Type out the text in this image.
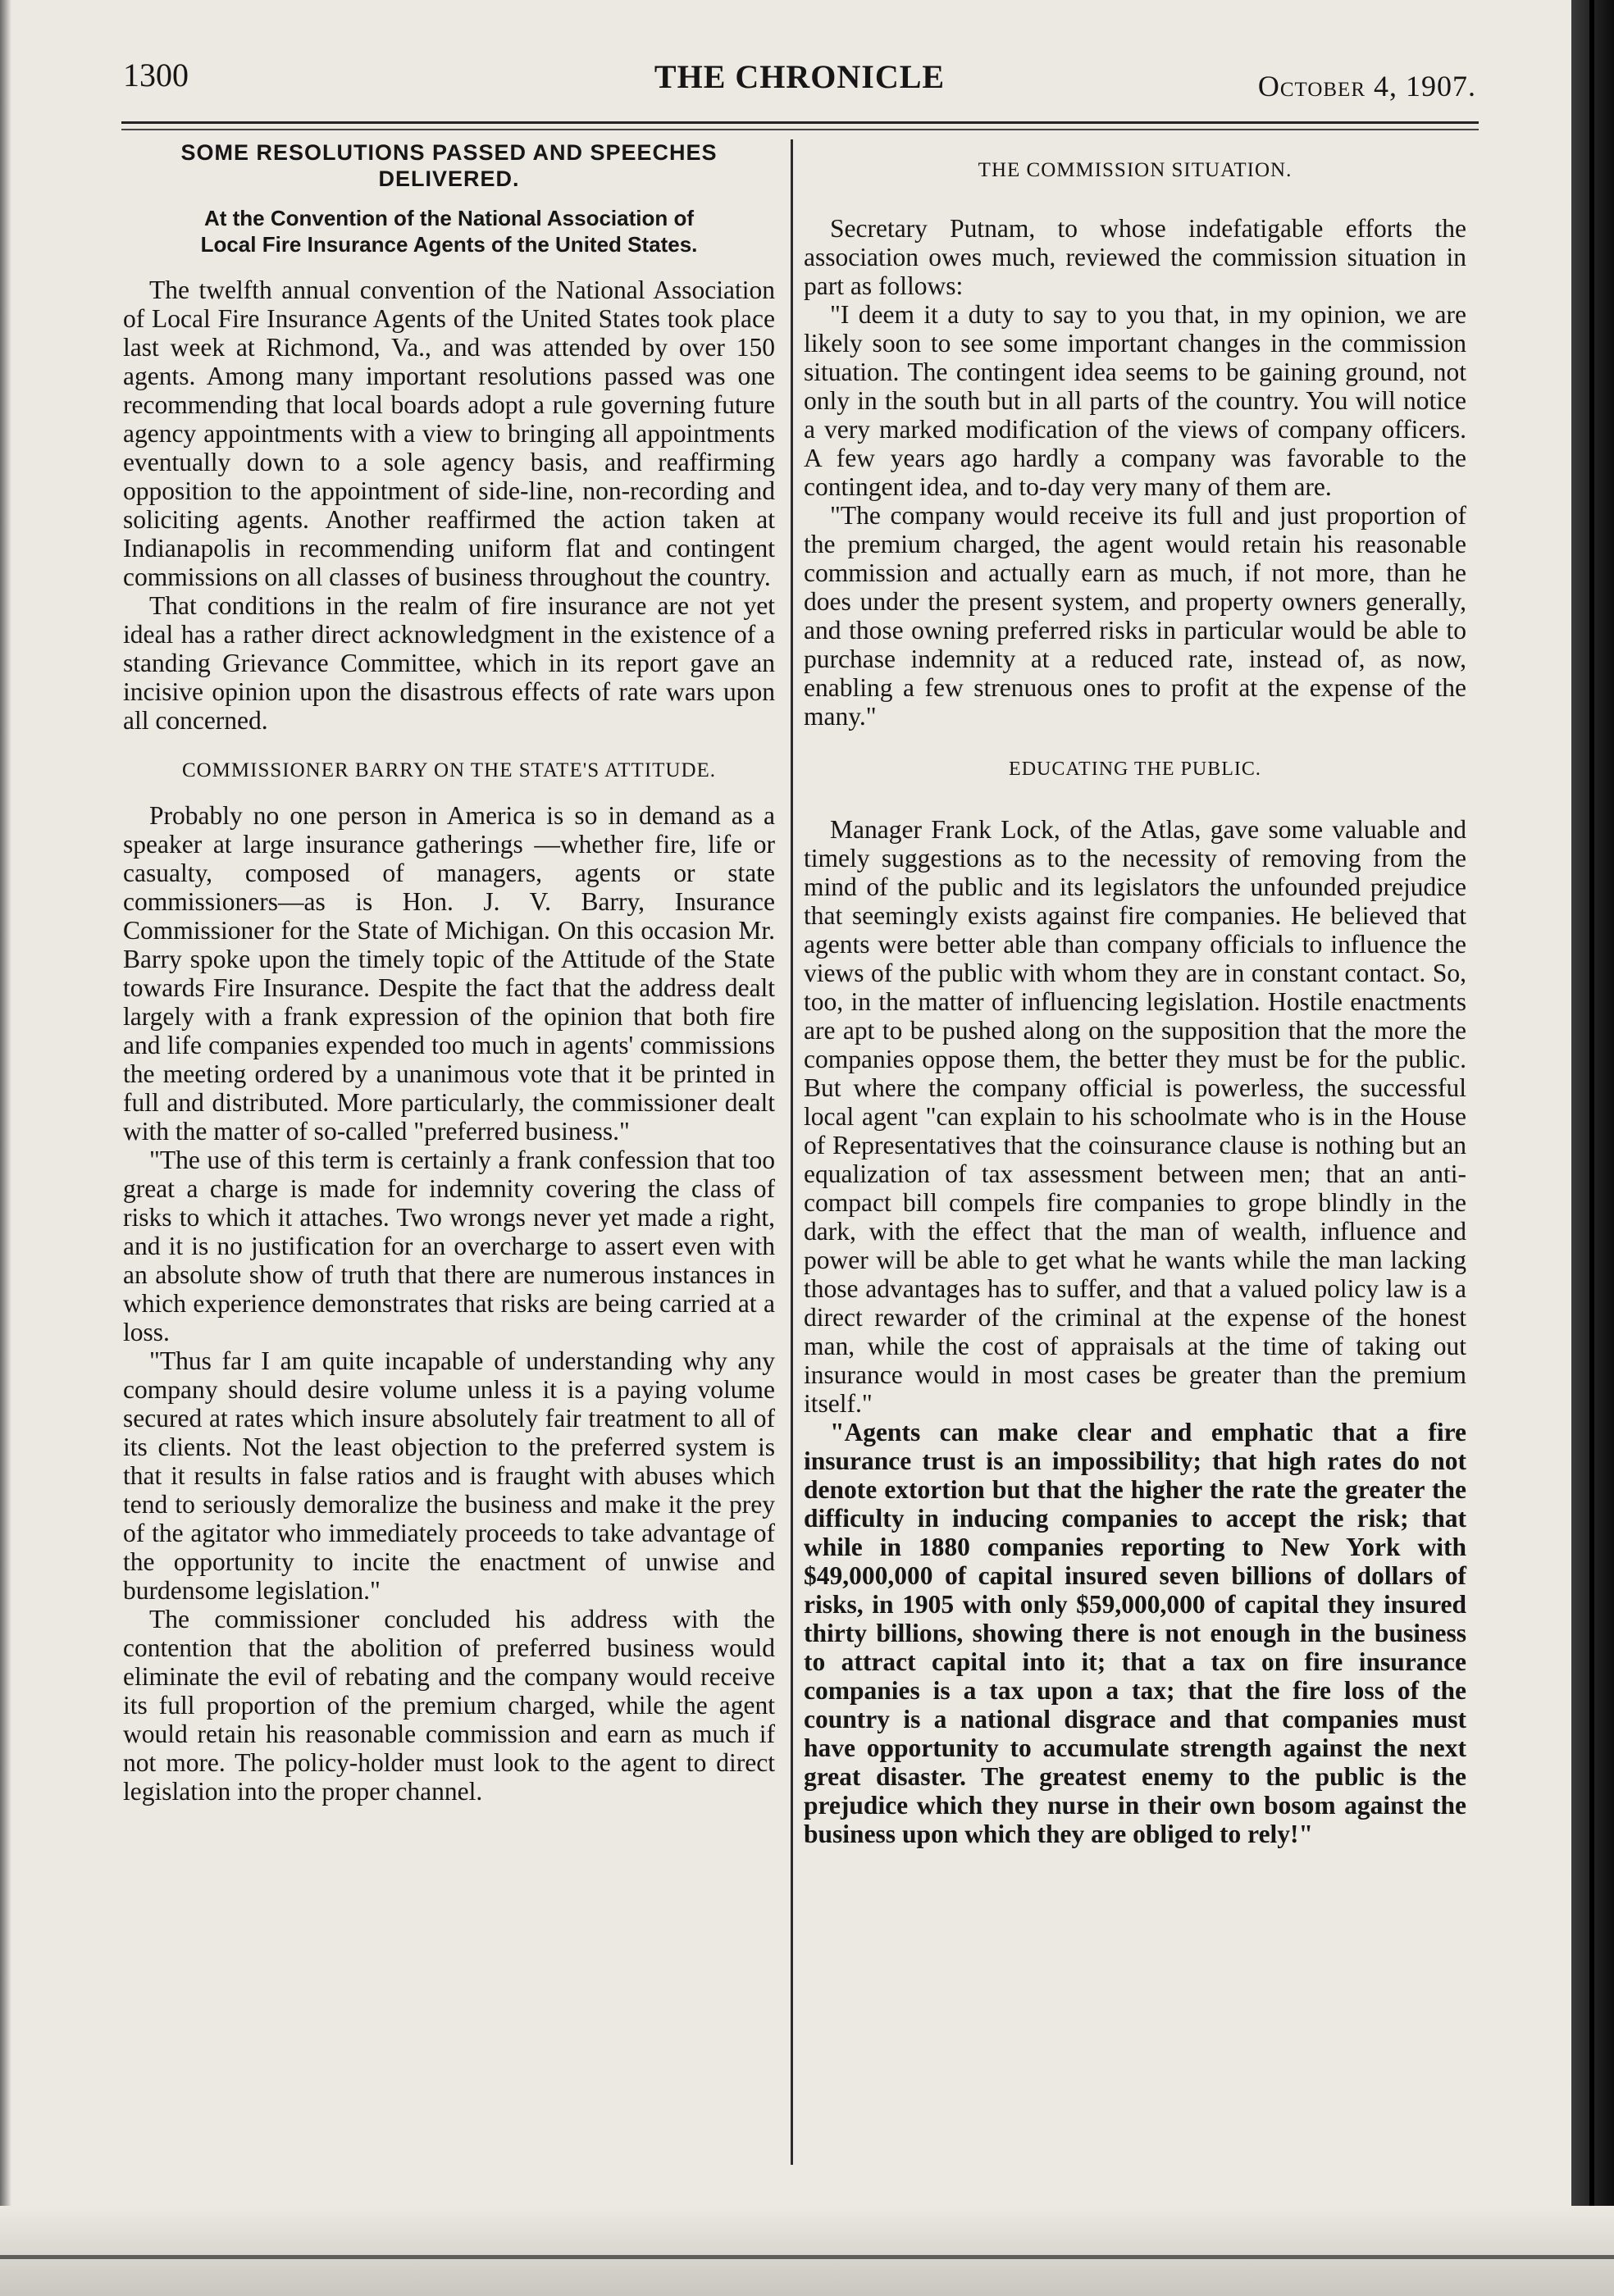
1300	THE CHRONICLE	October 4, 1907.
SOME RESOLUTIONS PASSED AND SPEECHES DELIVERED.
At the Convention of the National Association of Local Fire Insurance Agents of the United States.

The twelfth annual convention of the National Association of Local Fire Insurance Agents of the United States took place last week at Richmond, Va., and was attended by over 150 agents. Among many important resolutions passed was one recommending that local boards adopt a rule governing future agency appointments with a view to bringing all appointments eventually down to a sole agency basis, and reaffirming opposition to the appointment of side-line, non-recording and soliciting agents. Another reaffirmed the action taken at Indianapolis in recommending uniform flat and contingent commissions on all classes of business throughout the country.

That conditions in the realm of fire insurance are not yet ideal has a rather direct acknowledgment in the existence of a standing Grievance Committee, which in its report gave an incisive opinion upon the disastrous effects of rate wars upon all concerned.

COMMISSIONER BARRY ON THE STATE'S ATTITUDE.

Probably no one person in America is so in demand as a speaker at large insurance gatherings —whether fire, life or casualty, composed of managers, agents or state commissioners—as is Hon. J. V. Barry, Insurance Commissioner for the State of Michigan. On this occasion Mr. Barry spoke upon the timely topic of the Attitude of the State towards Fire Insurance. Despite the fact that the address dealt largely with a frank expression of the opinion that both fire and life companies expended too much in agents' commissions the meeting ordered by a unanimous vote that it be printed in full and distributed. More particularly, the commissioner dealt with the matter of so-called "preferred business."

"The use of this term is certainly a frank confession that too great a charge is made for indemnity covering the class of risks to which it attaches. Two wrongs never yet made a right, and it is no justification for an overcharge to assert even with an absolute show of truth that there are numerous instances in which experience demonstrates that risks are being carried at a loss.

"Thus far I am quite incapable of understanding why any company should desire volume unless it is a paying volume secured at rates which insure absolutely fair treatment to all of its clients. Not the least objection to the preferred system is that it results in false ratios and is fraught with abuses which tend to seriously demoralize the business and make it the prey of the agitator who immediately proceeds to take advantage of the opportunity to incite the enactment of unwise and burdensome legislation."

The commissioner concluded his address with the contention that the abolition of preferred business would eliminate the evil of rebating and the company would receive its full proportion of the premium charged, while the agent would retain his reasonable commission and earn as much if not more. The policy-holder must look to the agent to direct legislation into the proper channel.

THE COMMISSION SITUATION.

Secretary Putnam, to whose indefatigable efforts the association owes much, reviewed the commission situation in part as follows:

"I deem it a duty to say to you that, in my opinion, we are likely soon to see some important changes in the commission situation. The contingent idea seems to be gaining ground, not only in the south but in all parts of the country. You will notice a very marked modification of the views of company officers. A few years ago hardly a company was favorable to the contingent idea, and to-day very many of them are.

"The company would receive its full and just proportion of the premium charged, the agent would retain his reasonable commission and actually earn as much, if not more, than he does under the present system, and property owners generally, and those owning preferred risks in particular would be able to purchase indemnity at a reduced rate, instead of, as now, enabling a few strenuous ones to profit at the expense of the many."

EDUCATING THE PUBLIC.

Manager Frank Lock, of the Atlas, gave some valuable and timely suggestions as to the necessity of removing from the mind of the public and its legislators the unfounded prejudice that seemingly exists against fire companies. He believed that agents were better able than company officials to influence the views of the public with whom they are in constant contact. So, too, in the matter of influencing legislation. Hostile enactments are apt to be pushed along on the supposition that the more the companies oppose them, the better they must be for the public. But where the company official is powerless, the successful local agent "can explain to his schoolmate who is in the House of Representatives that the coinsurance clause is nothing but an equalization of tax assessment between men; that an anti-compact bill compels fire companies to grope blindly in the dark, with the effect that the man of wealth, influence and power will be able to get what he wants while the man lacking those advantages has to suffer, and that a valued policy law is a direct rewarder of the criminal at the expense of the honest man, while the cost of appraisals at the time of taking out insurance would in most cases be greater than the premium itself."

"Agents can make clear and emphatic that a fire insurance trust is an impossibility; that high rates do not denote extortion but that the higher the rate the greater the difficulty in inducing companies to accept the risk; that while in 1880 companies reporting to New York with $49,000,000 of capital insured seven billions of dollars of risks, in 1905 with only $59,000,000 of capital they insured thirty billions, showing there is not enough in the business to attract capital into it; that a tax on fire insurance companies is a tax upon a tax; that the fire loss of the country is a national disgrace and that companies must have opportunity to accumulate strength against the next great disaster. The greatest enemy to the public is the prejudice which they nurse in their own bosom against the business upon which they are obliged to rely!"
